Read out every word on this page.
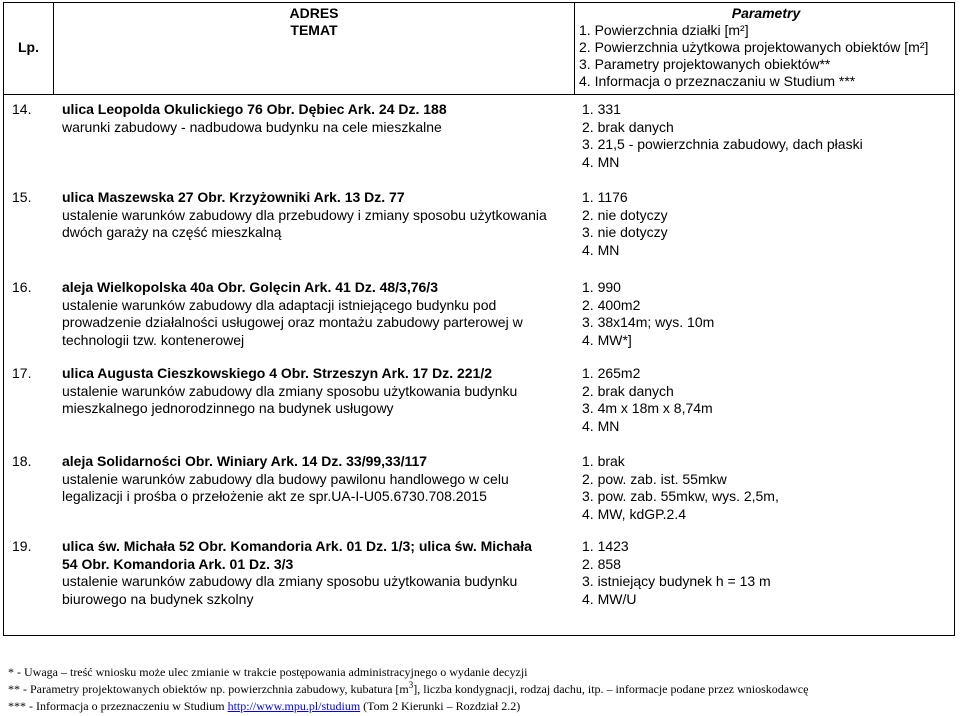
Lp.
ADRES
TEMAT
Parametry
1. Powierzchnia działki [m²]
2. Powierzchnia użytkowa projektowanych obiektów [m²]
3. Parametry projektowanych obiektów**
4. Informacja o przeznaczaniu w Studium ***
14. ulica Leopolda Okulickiego 76 Obr. Dębiec Ark. 24 Dz. 188
warunki zabudowy - nadbudowa budynku na cele mieszkalne
1. 331
2. brak danych
3. 21,5 - powierzchnia zabudowy, dach płaski
4. MN
15. ulica Maszewska 27 Obr. Krzyżowniki Ark. 13 Dz. 77
ustalenie warunków zabudowy dla przebudowy i zmiany sposobu użytkowania
dwóch garaży na część mieszkalną
1. 1176
2. nie dotyczy
3. nie dotyczy
4. MN
16. aleja Wielkopolska 40a Obr. Golęcin Ark. 41 Dz. 48/3,76/3
ustalenie warunków zabudowy dla adaptacji istniejącego budynku pod
prowadzenie działalności usługowej oraz montażu zabudowy parterowej w
technologii tzw. kontenerowej
1. 990
2. 400m2
3. 38x14m; wys. 10m
4. MW*]
17. ulica Augusta Cieszkowskiego 4 Obr. Strzeszyn Ark. 17 Dz. 221/2
ustalenie warunków zabudowy dla zmiany sposobu użytkowania budynku
mieszkalnego jednorodzinnego na budynek usługowy
1. 265m2
2. brak danych
3. 4m x 18m x 8,74m
4. MN
18. aleja Solidarności Obr. Winiary Ark. 14 Dz. 33/99,33/117
ustalenie warunków zabudowy dla budowy pawilonu handlowego w celu
legalizacji i prośba o przełożenie akt ze spr.UA-I-U05.6730.708.2015
1. brak
2. pow. zab. ist. 55mkw
3. pow. zab. 55mkw, wys. 2,5m,
4. MW, kdGP.2.4
19. ulica św. Michała 52 Obr. Komandoria Ark. 01 Dz. 1/3; ulica św. Michała
54 Obr. Komandoria Ark. 01 Dz. 3/3
ustalenie warunków zabudowy dla zmiany sposobu użytkowania budynku
biurowego na budynek szkolny
1. 1423
2. 858
3. istniejący budynek h = 13 m
4. MW/U
* - Uwaga – treść wniosku może ulec zmianie w trakcie postępowania administracyjnego o wydanie decyzji
** - Parametry projektowanych obiektów np. powierzchnia zabudowy, kubatura $[m^3]$, liczba kondygnacji, rodzaj dachu, itp. – informacje podane przez wnioskodawcę
*** - Informacja o przeznaczeniu w Studium http://www.mpu.pl/studium (Tom 2 Kierunki – Rozdział 2.2)
